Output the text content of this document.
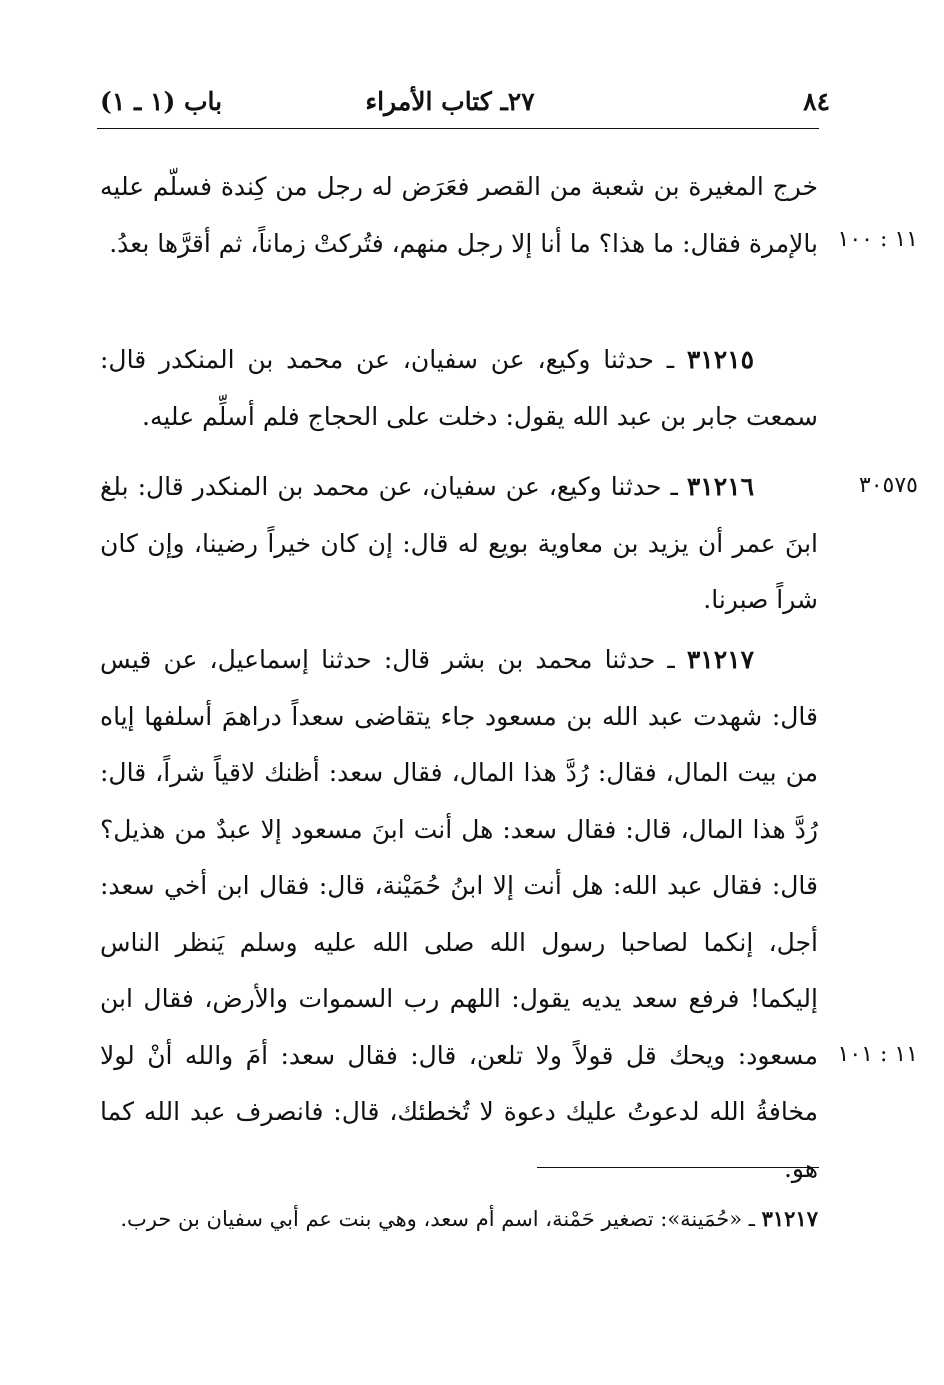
٨٤
٢٧ـ كتاب الأمراء
باب (١ ـ ١)
١١ : ١٠٠
٣٠٥٧٥
١١ : ١٠١
خرج المغيرة بن شعبة من القصر فعَرَض له رجل من كِندة فسلّم عليه بالإمرة فقال: ما هذا؟ ما أنا إلا رجل منهم، فتُركتْ زماناً، ثم أقرَّها بعدُ.
٣١٢١٥ ـ حدثنا وكيع، عن سفيان، عن محمد بن المنكدر قال: سمعت جابر بن عبد الله يقول: دخلت على الحجاج فلم أسلِّم عليه.
٣١٢١٦ ـ حدثنا وكيع، عن سفيان، عن محمد بن المنكدر قال: بلغ ابنَ عمر أن يزيد بن معاوية بويع له قال: إن كان خيراً رضينا، وإن كان شراً صبرنا.
٣١٢١٧ ـ حدثنا محمد بن بشر قال: حدثنا إسماعيل، عن قيس قال: شهدت عبد الله بن مسعود جاء يتقاضى سعداً دراهمَ أسلفها إياه من بيت المال، فقال: رُدَّ هذا المال، فقال سعد: أظنك لاقياً شراً، قال: رُدَّ هذا المال، قال: فقال سعد: هل أنت ابنَ مسعود إلا عبدٌ من هذيل؟ قال: فقال عبد الله: هل أنت إلا ابنُ حُمَيْنة، قال: فقال ابن أخي سعد: أجل، إنكما لصاحبا رسول الله صلى الله عليه وسلم يَنظر الناس إليكما! فرفع سعد يديه يقول: اللهم رب السموات والأرض، فقال ابن مسعود: ويحك قل قولاً ولا تلعن، قال: فقال سعد: أمَ والله أنْ لولا مخافةُ الله لدعوتُ عليك دعوة لا تُخطئك، قال: فانصرف عبد الله كما هو.
٣١٢١٧ ـ «حُمَينة»: تصغير حَمْنة، اسم أم سعد، وهي بنت عم أبي سفيان بن حرب.
